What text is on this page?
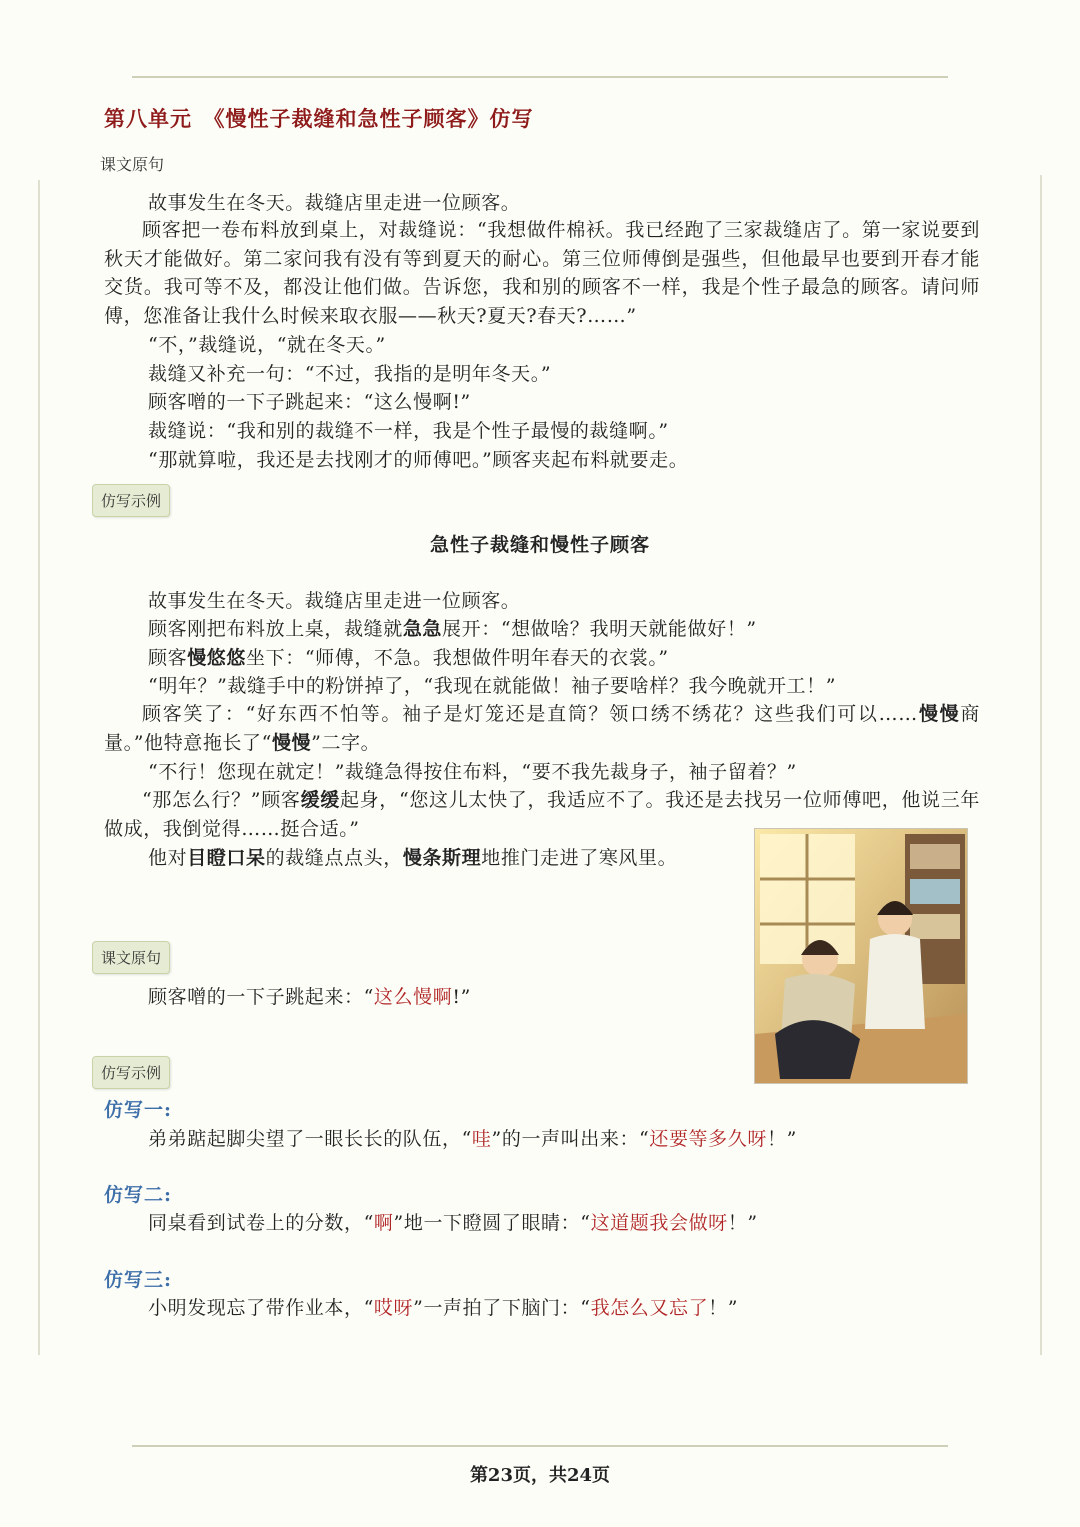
第八单元　《慢性子裁缝和急性子顾客》仿写
课文原句

故事发生在冬天。裁缝店里走进一位顾客。

顾客把一卷布料放到桌上，对裁缝说：“我想做件棉袄。我已经跑了三家裁缝店了。第一家说要到秋天才能做好。第二家问我有没有等到夏天的耐心。第三位师傅倒是强些，但他最早也要到开春才能交货。我可等不及，都没让他们做。告诉您，我和别的顾客不一样，我是个性子最急的顾客。请问师傅，您准备让我什么时候来取衣服——秋天?夏天?春天?……”

“不，”裁缝说，“就在冬天。”

裁缝又补充一句：“不过，我指的是明年冬天。”

顾客噌的一下子跳起来：“这么慢啊!”

裁缝说：“我和别的裁缝不一样，我是个性子最慢的裁缝啊。”

“那就算啦，我还是去找刚才的师傅吧。”顾客夹起布料就要走。

仿写示例
急性子裁缝和慢性子顾客

故事发生在冬天。裁缝店里走进一位顾客。

顾客刚把布料放上桌，裁缝就急急展开：“想做啥？我明天就能做好！”

顾客慢悠悠坐下：“师傅，不急。我想做件明年春天的衣裳。”

“明年？”裁缝手中的粉饼掉了，“我现在就能做！袖子要啥样？我今晚就开工！”

顾客笑了：“好东西不怕等。袖子是灯笼还是直筒？领口绣不绣花？这些我们可以……慢慢商量。”他特意拖长了“慢慢”二字。

“不行！您现在就定！”裁缝急得按住布料，“要不我先裁身子，袖子留着？”

“那怎么行？”顾客缓缓起身，“您这儿太快了，我适应不了。我还是去找另一位师傅吧，他说三年做成，我倒觉得……挺合适。”

他对目瞪口呆的裁缝点点头，慢条斯理地推门走进了寒风里。

课文原句

顾客噌的一下子跳起来：“这么慢啊!”

仿写示例
仿写一:

弟弟踮起脚尖望了一眼长长的队伍，“哇”的一声叫出来：“还要等多久呀！”

仿写二:

同桌看到试卷上的分数，“啊”地一下瞪圆了眼睛：“这道题我会做呀！”

仿写三:

小明发现忘了带作业本，“哎呀”一声拍了下脑门：“我怎么又忘了！”

第23页，共24页
